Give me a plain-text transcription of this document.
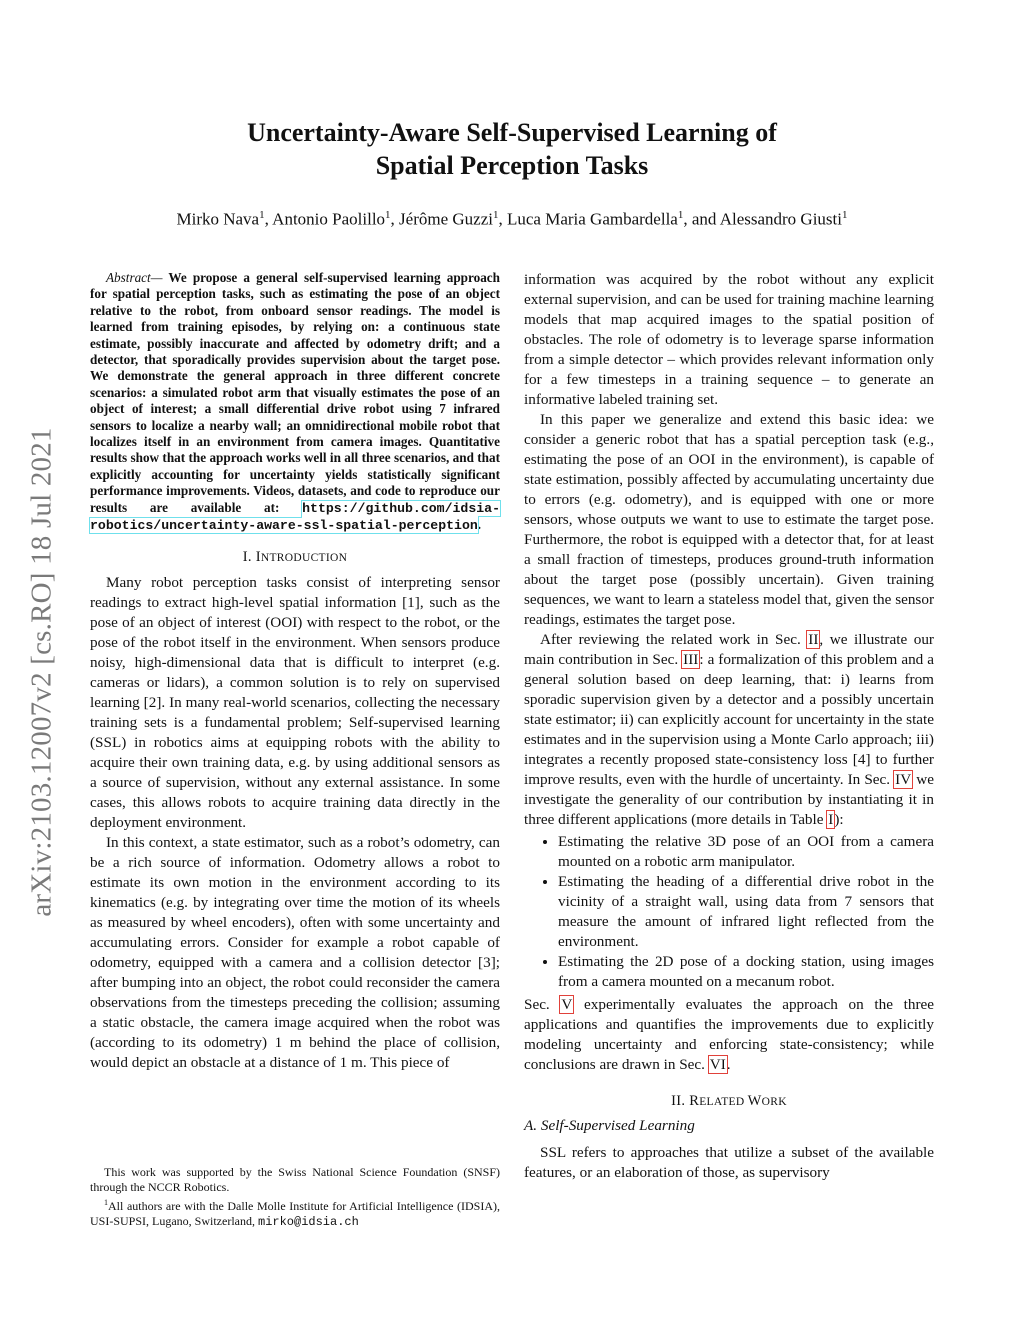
arXiv:2103.12007v2 [cs.RO] 18 Jul 2021
Uncertainty-Aware Self-Supervised Learning of
Spatial Perception Tasks
Mirko Nava$^1$, Antonio Paolillo$^1$, Jérôme Guzzi$^1$, Luca Maria Gambardella$^1$, and Alessandro Giusti$^1$

Abstract— We propose a general self-supervised learning approach for spatial perception tasks, such as estimating the pose of an object relative to the robot, from onboard sensor readings. The model is learned from training episodes, by relying on: a continuous state estimate, possibly inaccurate and affected by odometry drift; and a detector, that sporadically provides supervision about the target pose. We demonstrate the general approach in three different concrete scenarios: a simulated robot arm that visually estimates the pose of an object of interest; a small differential drive robot using 7 infrared sensors to localize a nearby wall; an omnidirectional mobile robot that localizes itself in an environment from camera images. Quantitative results show that the approach works well in all three scenarios, and that explicitly accounting for uncertainty yields statistically significant performance improvements. Videos, datasets, and code to reproduce our results are available at: https://github.com/idsia-robotics/uncertainty-aware-ssl-spatial-perception.

I. INTRODUCTION

Many robot perception tasks consist of interpreting sensor readings to extract high-level spatial information [1], such as the pose of an object of interest (OOI) with respect to the robot, or the pose of the robot itself in the environment. When sensors produce noisy, high-dimensional data that is difficult to interpret (e.g. cameras or lidars), a common solution is to rely on supervised learning [2]. In many real-world scenarios, collecting the necessary training sets is a fundamental problem; Self-supervised learning (SSL) in robotics aims at equipping robots with the ability to acquire their own training data, e.g. by using additional sensors as a source of supervision, without any external assistance. In some cases, this allows robots to acquire training data directly in the deployment environment.

In this context, a state estimator, such as a robot’s odometry, can be a rich source of information. Odometry allows a robot to estimate its own motion in the environment according to its kinematics (e.g. by integrating over time the motion of its wheels as measured by wheel encoders), often with some uncertainty and accumulating errors. Consider for example a robot capable of odometry, equipped with a camera and a collision detector [3]; after bumping into an object, the robot could reconsider the camera observations from the timesteps preceding the collision; assuming a static obstacle, the camera image acquired when the robot was (according to its odometry) 1 m behind the place of collision, would depict an obstacle at a distance of 1 m. This piece of

This work was supported by the Swiss National Science Foundation (SNSF) through the NCCR Robotics.

$^1$All authors are with the Dalle Molle Institute for Artificial Intelligence (IDSIA), USI-SUPSI, Lugano, Switzerland, mirko@idsia.ch

information was acquired by the robot without any explicit external supervision, and can be used for training machine learning models that map acquired images to the spatial position of obstacles. The role of odometry is to leverage sparse information from a simple detector – which provides relevant information only for a few timesteps in a training sequence – to generate an informative labeled training set.

In this paper we generalize and extend this basic idea: we consider a generic robot that has a spatial perception task (e.g., estimating the pose of an OOI in the environment), is capable of state estimation, possibly affected by accumulating uncertainty due to errors (e.g. odometry), and is equipped with one or more sensors, whose outputs we want to use to estimate the target pose. Furthermore, the robot is equipped with a detector that, for at least a small fraction of timesteps, produces ground-truth information about the target pose (possibly uncertain). Given training sequences, we want to learn a stateless model that, given the sensor readings, estimates the target pose.

After reviewing the related work in Sec. II, we illustrate our main contribution in Sec. III: a formalization of this problem and a general solution based on deep learning, that: i) learns from sporadic supervision given by a detector and a possibly uncertain state estimator; ii) can explicitly account for uncertainty in the state estimates and in the supervision using a Monte Carlo approach; iii) integrates a recently proposed state-consistency loss [4] to further improve results, even with the hurdle of uncertainty. In Sec. IV we investigate the generality of our contribution by instantiating it in three different applications (more details in Table I):

• Estimating the relative 3D pose of an OOI from a camera mounted on a robotic arm manipulator.
• Estimating the heading of a differential drive robot in the vicinity of a straight wall, using data from 7 sensors that measure the amount of infrared light reflected from the environment.
• Estimating the 2D pose of a docking station, using images from a camera mounted on a mecanum robot.

Sec. V experimentally evaluates the approach on the three applications and quantifies the improvements due to explicitly modeling uncertainty and enforcing state-consistency; while conclusions are drawn in Sec. VI.

II. RELATED WORK
A. Self-Supervised Learning

SSL refers to approaches that utilize a subset of the available features, or an elaboration of those, as supervisory
